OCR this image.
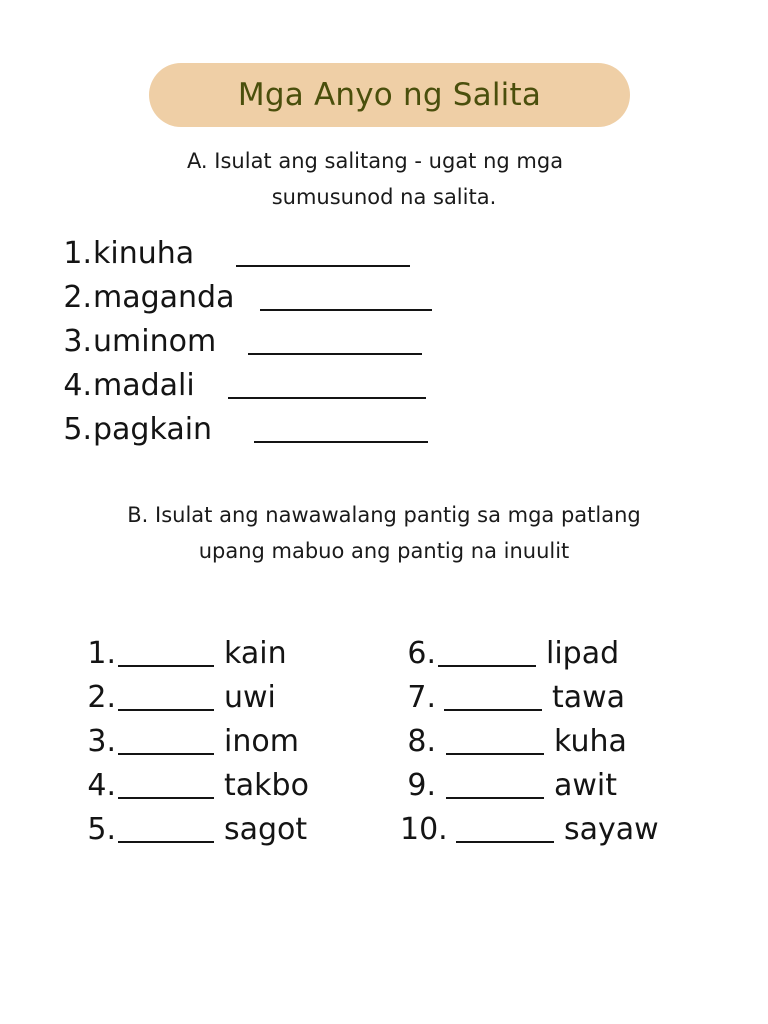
Mga Anyo ng Salita
A. Isulat ang salitang - ugat ng mga
sumusunod na salita.
1. kinuha
2. maganda
3. uminom
4. madali
5. pagkain
B. Isulat ang nawawalang pantig sa mga patlang
upang mabuo ang pantig na inuulit
1.	kain
2.	uwi
3.	inom
4.	takbo
5.	sagot
6.	lipad
7.	tawa
8.	kuha
9.	awit
10.	sayaw
